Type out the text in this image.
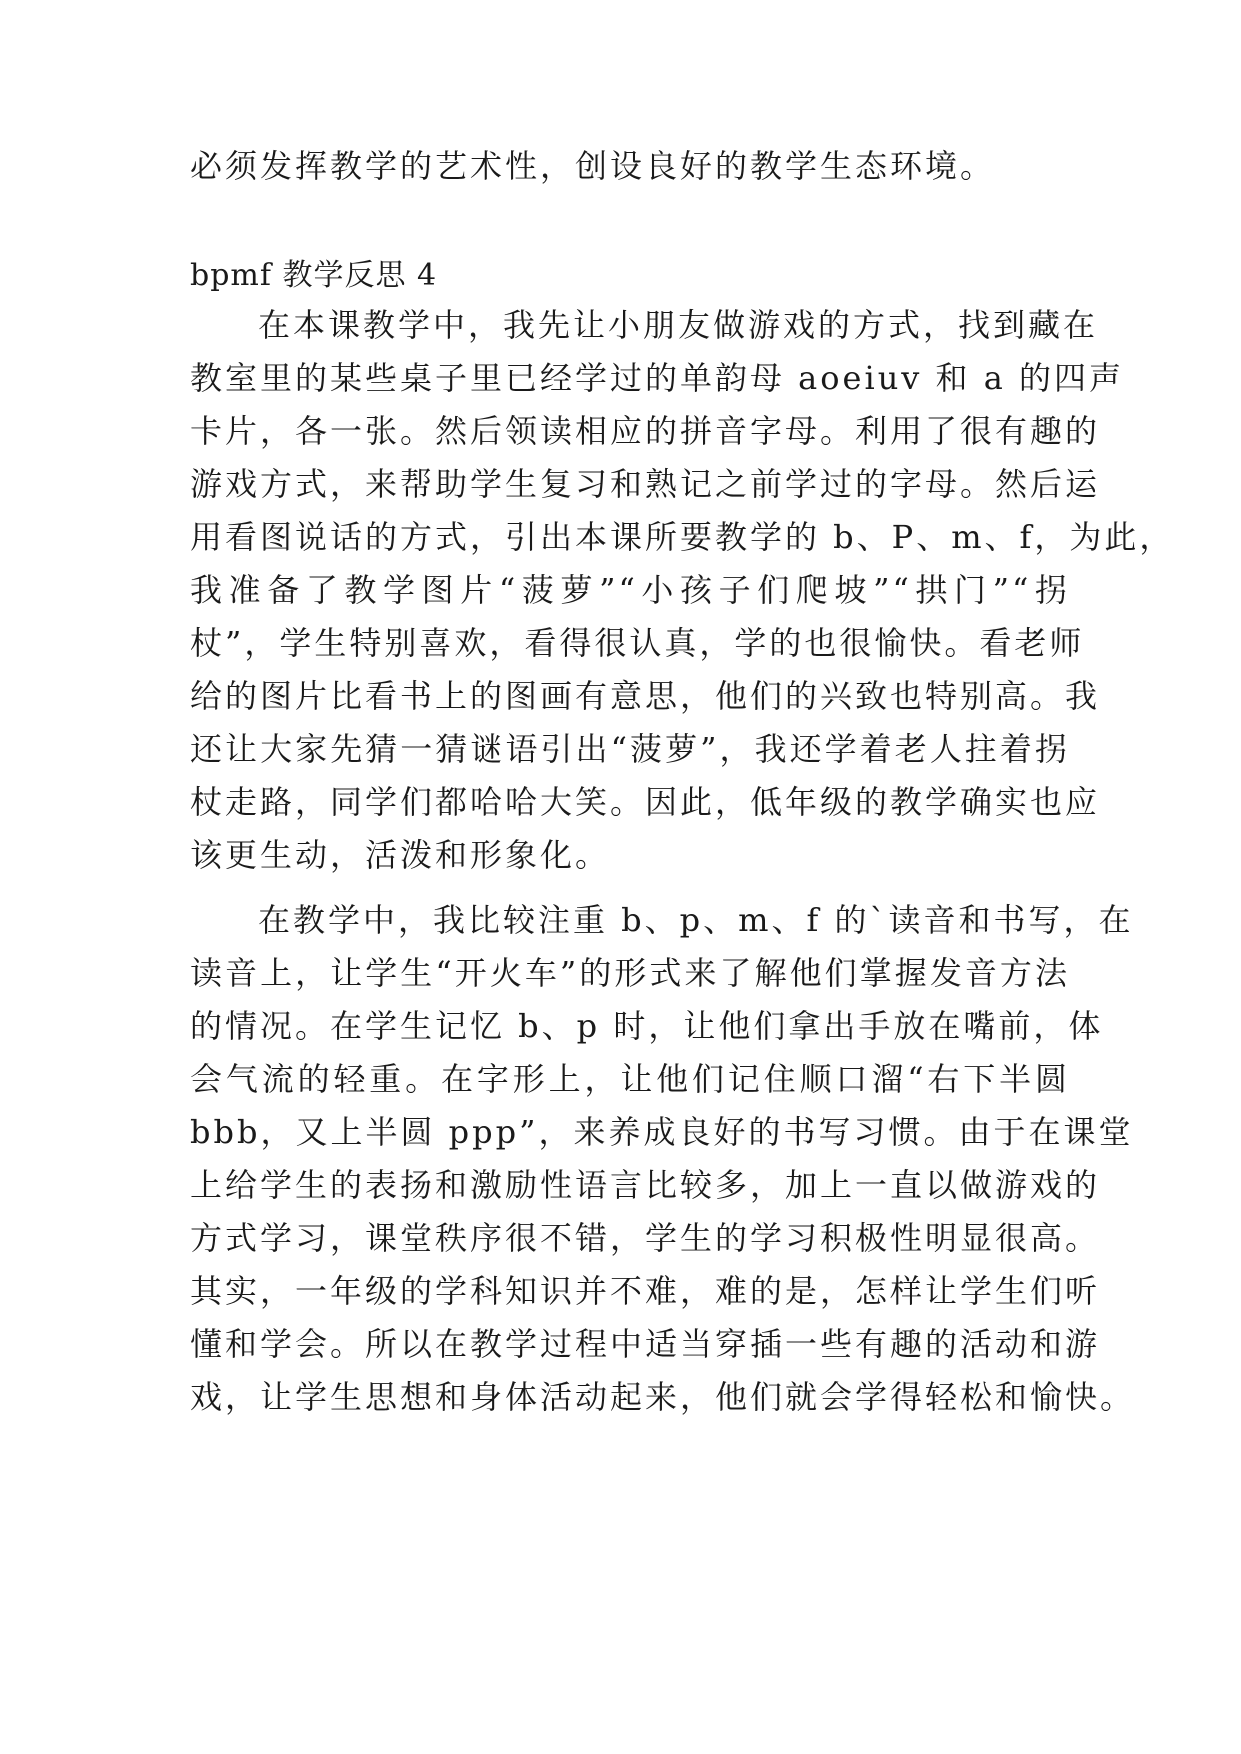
必须发挥教学的艺术性，创设良好的教学生态环境。
bpmf 教学反思 4
在本课教学中，我先让小朋友做游戏的方式，找到藏在
教室里的某些桌子里已经学过的单韵母 aoeiuv 和 a 的四声
卡片，各一张。然后领读相应的拼音字母。利用了很有趣的
游戏方式，来帮助学生复习和熟记之前学过的字母。然后运
用看图说话的方式，引出本课所要教学的 b、P、m、f，为此，
我准备了教学图片“菠萝”“小孩子们爬坡”“拱门”“拐
杖”，学生特别喜欢，看得很认真，学的也很愉快。看老师
给的图片比看书上的图画有意思，他们的兴致也特别高。我
还让大家先猜一猜谜语引出“菠萝”，我还学着老人拄着拐
杖走路，同学们都哈哈大笑。因此，低年级的教学确实也应
该更生动，活泼和形象化。
在教学中，我比较注重 b、p、m、f 的`读音和书写，在
读音上，让学生“开火车”的形式来了解他们掌握发音方法
的情况。在学生记忆 b、p 时，让他们拿出手放在嘴前，体
会气流的轻重。在字形上，让他们记住顺口溜“右下半圆
bbb，又上半圆 ppp”，来养成良好的书写习惯。由于在课堂
上给学生的表扬和激励性语言比较多，加上一直以做游戏的
方式学习，课堂秩序很不错，学生的学习积极性明显很高。
其实，一年级的学科知识并不难，难的是，怎样让学生们听
懂和学会。所以在教学过程中适当穿插一些有趣的活动和游
戏，让学生思想和身体活动起来，他们就会学得轻松和愉快。
